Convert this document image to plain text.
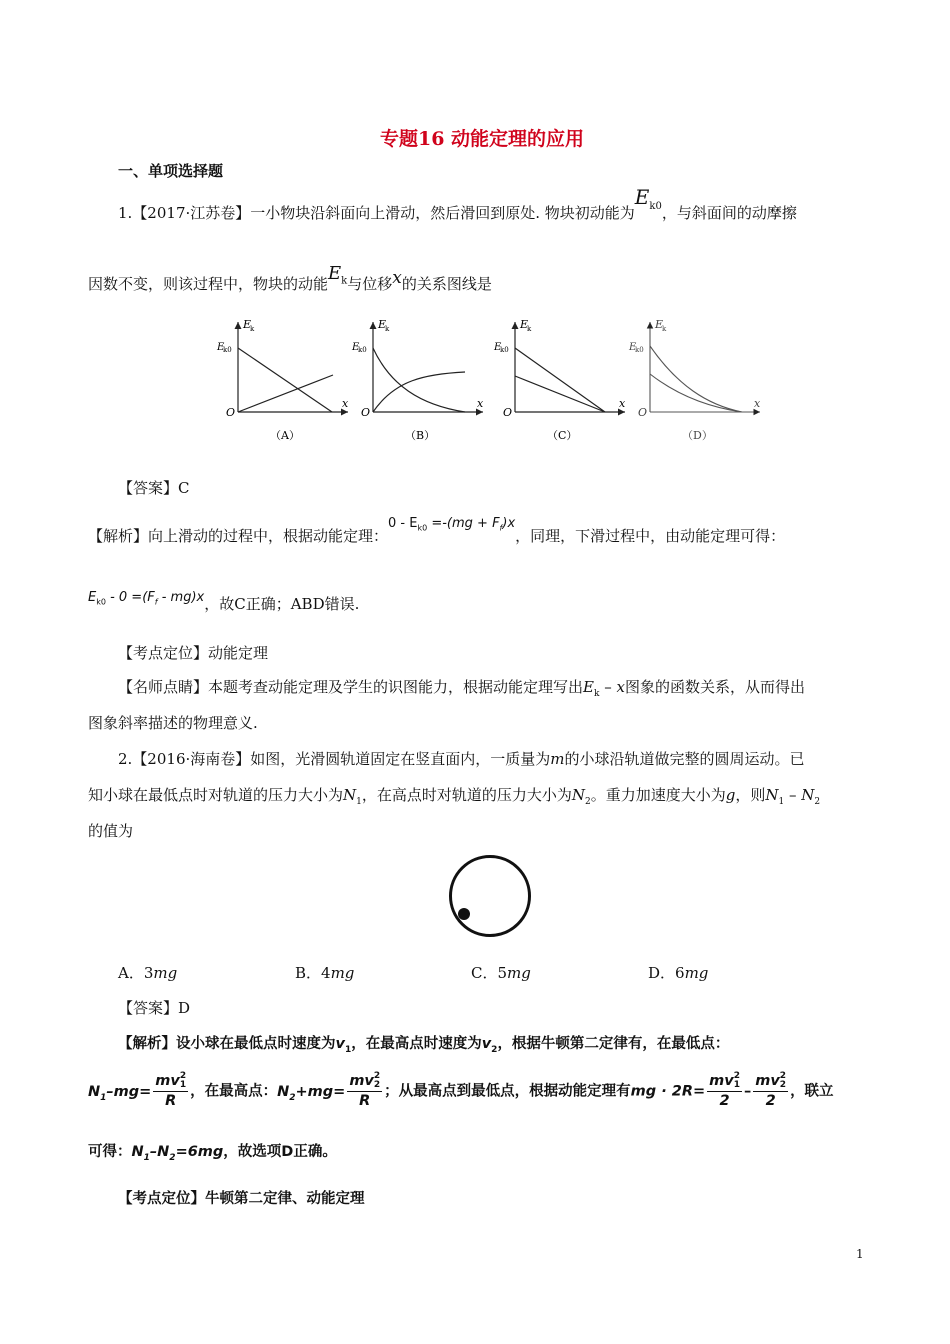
专题16 动能定理的应用
一、单项选择题
1.【2017·江苏卷】一小物块沿斜面向上滑动，然后滑回到原处. 物块初动能为$E_{k0}$，与斜面间的动摩擦
因数不变，则该过程中，物块的动能$E_k$与位移x的关系图线是
E
k
E
k0
O
x
（A）
E
k
E
k0
O
x
（B）
E
k
E
k0
O
x
（C）
E
k
E
k0
O
x
（D）
【答案】C
【解析】向上滑动的过程中，根据动能定理：$0 - E_{k0} =-(mg + F_f)x$，同理，下滑过程中，由动能定理可得：
$E_{k0} - 0 =(F_f - mg)x$，故C正确；ABD错误.
【考点定位】动能定理
【名师点睛】本题考查动能定理及学生的识图能力，根据动能定理写出$E_k$ – x图象的函数关系，从而得出
图象斜率描述的物理意义.
2.【2016·海南卷】如图，光滑圆轨道固定在竖直面内，一质量为m的小球沿轨道做完整的圆周运动。已
知小球在最低点时对轨道的压力大小为$N_1$，在高点时对轨道的压力大小为$N_2$。重力加速度大小为g，则$N_1 - N_2$
的值为
A．3mg	B．4mg	C．5mg	D．6mg
【答案】D
【解析】设小球在最低点时速度为$v_1$，在最高点时速度为$v_2$，根据牛顿第二定律有，在最低点：
$N_1-mg=$ mv 2
1
R ，在最高点：$N_2+mg=$ mv 2
2
R ；从最高点到最低点，根据动能定理有mg · 2R= mv 2
1
2 – mv 2
2
2 ，联立
可得：$N_1-N_2=6mg$，故选项D正确。
【考点定位】牛顿第二定律、动能定理
1
